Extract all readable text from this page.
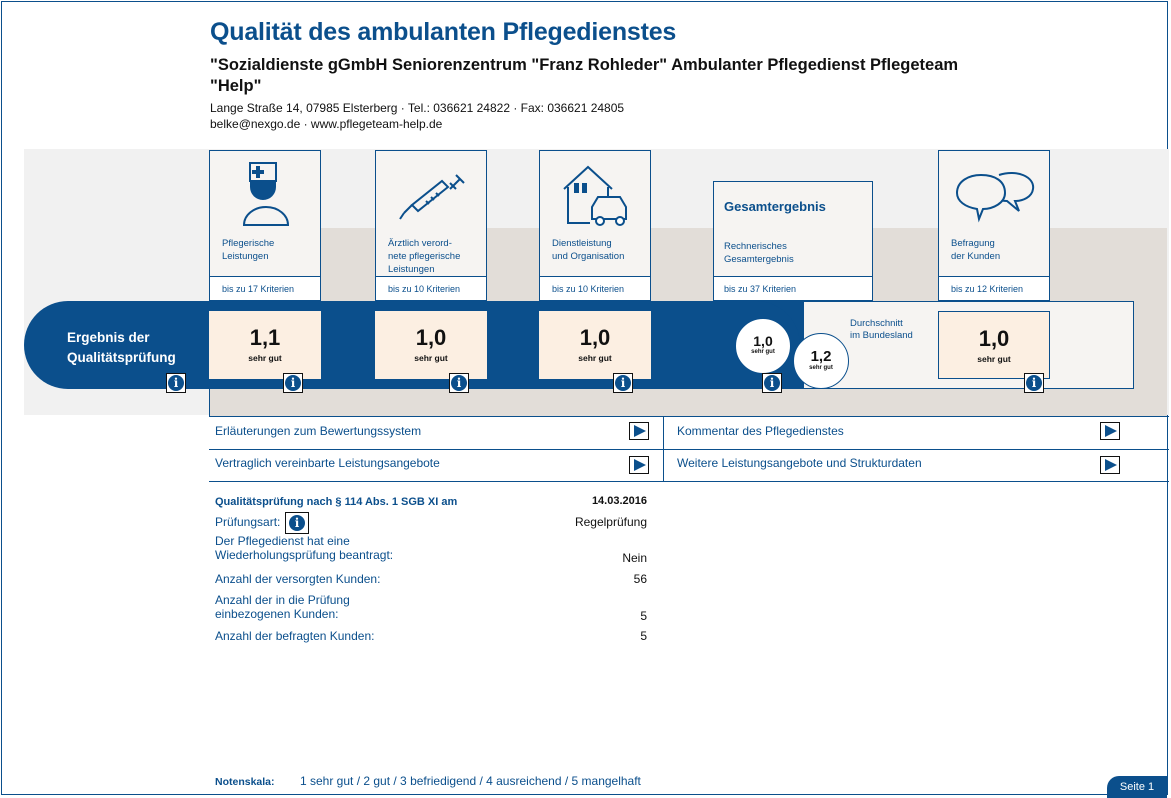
Qualität des ambulanten Pflegedienstes
"Sozialdienste gGmbH Seniorenzentrum "Franz Rohleder" Ambulanter Pflegedienst Pflegeteam "Help"
Lange Straße 14, 07985 Elsterberg · Tel.: 036621 24822 · Fax: 036621 24805
belke@nexgo.de · www.pflegeteam-help.de
Pflegerische
Leistungen
bis zu 17 Kriterien
Ärztlich verord-
nete pflegerische
Leistungen
bis zu 10 Kriterien
Dienstleistung
und Organisation
bis zu 10 Kriterien
Gesamtergebnis
Rechnerisches
Gesamtergebnis
bis zu 37 Kriterien
Befragung
der Kunden
bis zu 12 Kriterien
Ergebnis der
Qualitätsprüfung
1,1
sehr gut
1,0
sehr gut
1,0
sehr gut
1,0
sehr gut	1,2
sehr gut
Durchschnitt
im Bundesland	1,0
sehr gut
i	i	i	i	i	i
Erläuterungen zum Bewertungssystem	Kommentar des Pflegedienstes
Vertraglich vereinbarte Leistungsangebote	Weitere Leistungsangebote und Strukturdaten
Qualitätsprüfung nach § 114 Abs. 1 SGB XI am	14.03.2016
Prüfungsart:	i	Regelprüfung
Der Pflegedienst hat eine
Wiederholungsprüfung beantragt:	Nein
Anzahl der versorgten Kunden:	56
Anzahl der in die Prüfung
einbezogenen Kunden:	5
Anzahl der befragten Kunden:	5
Notenskala: 1 sehr gut / 2 gut / 3 befriedigend / 4 ausreichend / 5 mangelhaft	Seite 1
